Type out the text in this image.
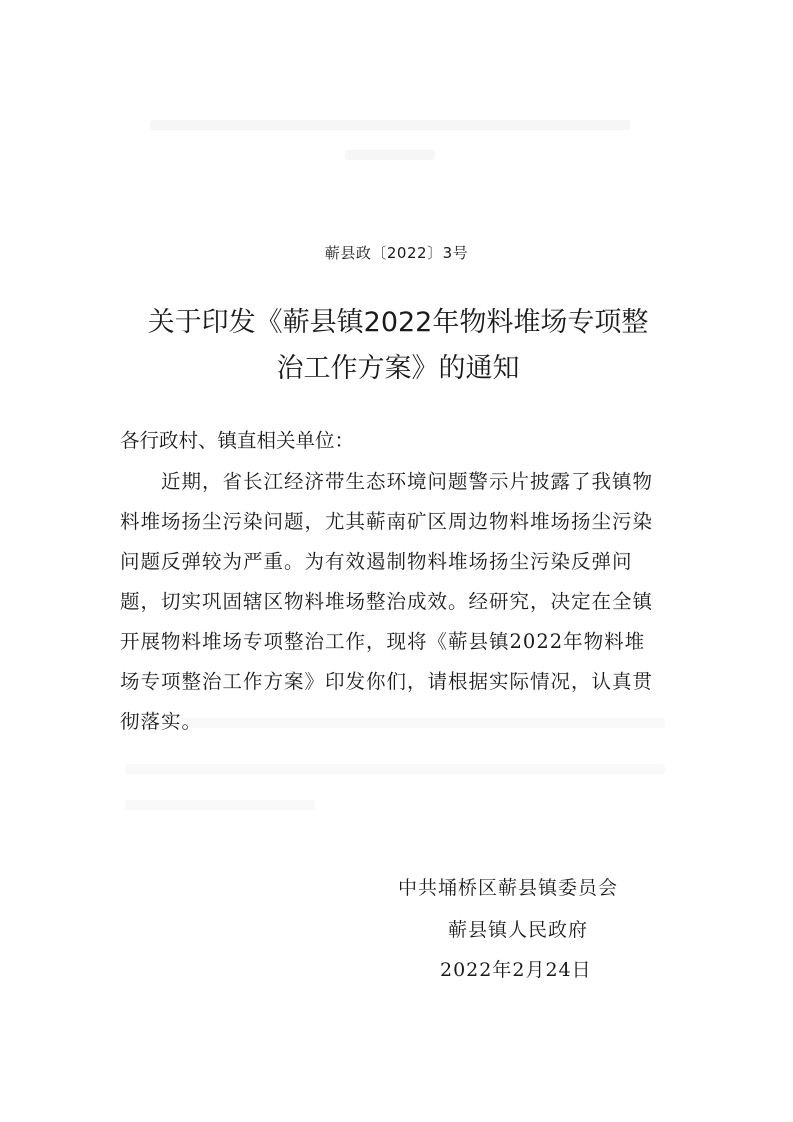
蕲县政〔2022〕3号
关于印发《蕲县镇2022年物料堆场专项整
治工作方案》的通知
各行政村、镇直相关单位：
近期，省长江经济带生态环境问题警示片披露了我镇物
料堆场扬尘污染问题，尤其蕲南矿区周边物料堆场扬尘污染
问题反弹较为严重。为有效遏制物料堆场扬尘污染反弹问
题，切实巩固辖区物料堆场整治成效。经研究，决定在全镇
开展物料堆场专项整治工作，现将《蕲县镇2022年物料堆
场专项整治工作方案》印发你们，请根据实际情况，认真贯
彻落实。
中共埇桥区蕲县镇委员会
蕲县镇人民政府
2022年2月24日
